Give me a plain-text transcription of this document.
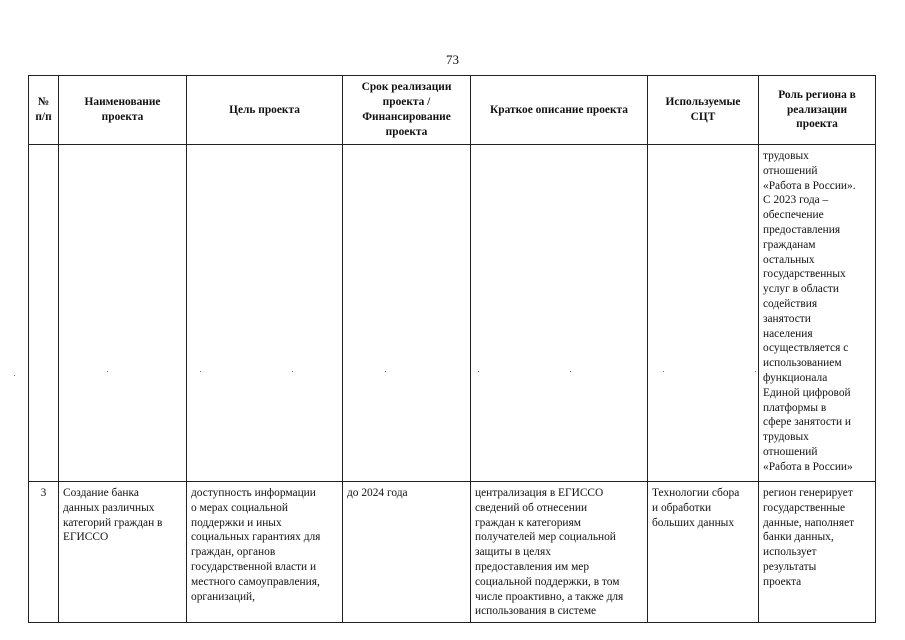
73
№
п/п
Наименование
проекта
Цель проекта
Срок реализации
проекта /
Финансирование
проекта
Краткое описание проекта
Используемые
СЦТ
Роль региона в
реализации
проекта
трудовых
отношений
«Работа в России».
С 2023 года –
обеспечение
предоставления
гражданам
остальных
государственных
услуг в области
содействия
занятости
населения
осуществляется с
использованием
функционала
Единой цифровой
платформы в
сфере занятости и
трудовых
отношений
«Работа в России»
3	Создание банка
данных различных
категорий граждан в
ЕГИССО
доступность информации
о мерах социальной
поддержки и иных
социальных гарантиях для
граждан, органов
государственной власти и
местного самоуправления,
организаций,
до 2024 года	централизация в ЕГИССО
сведений об отнесении
граждан к категориям
получателей мер социальной
защиты в целях
предоставления им мер
социальной поддержки, в том
числе проактивно, а также для
использования в системе
Технологии сбора
и обработки
больших данных
регион генерирует
государственные
данные, наполняет
банки данных,
использует
результаты
проекта
